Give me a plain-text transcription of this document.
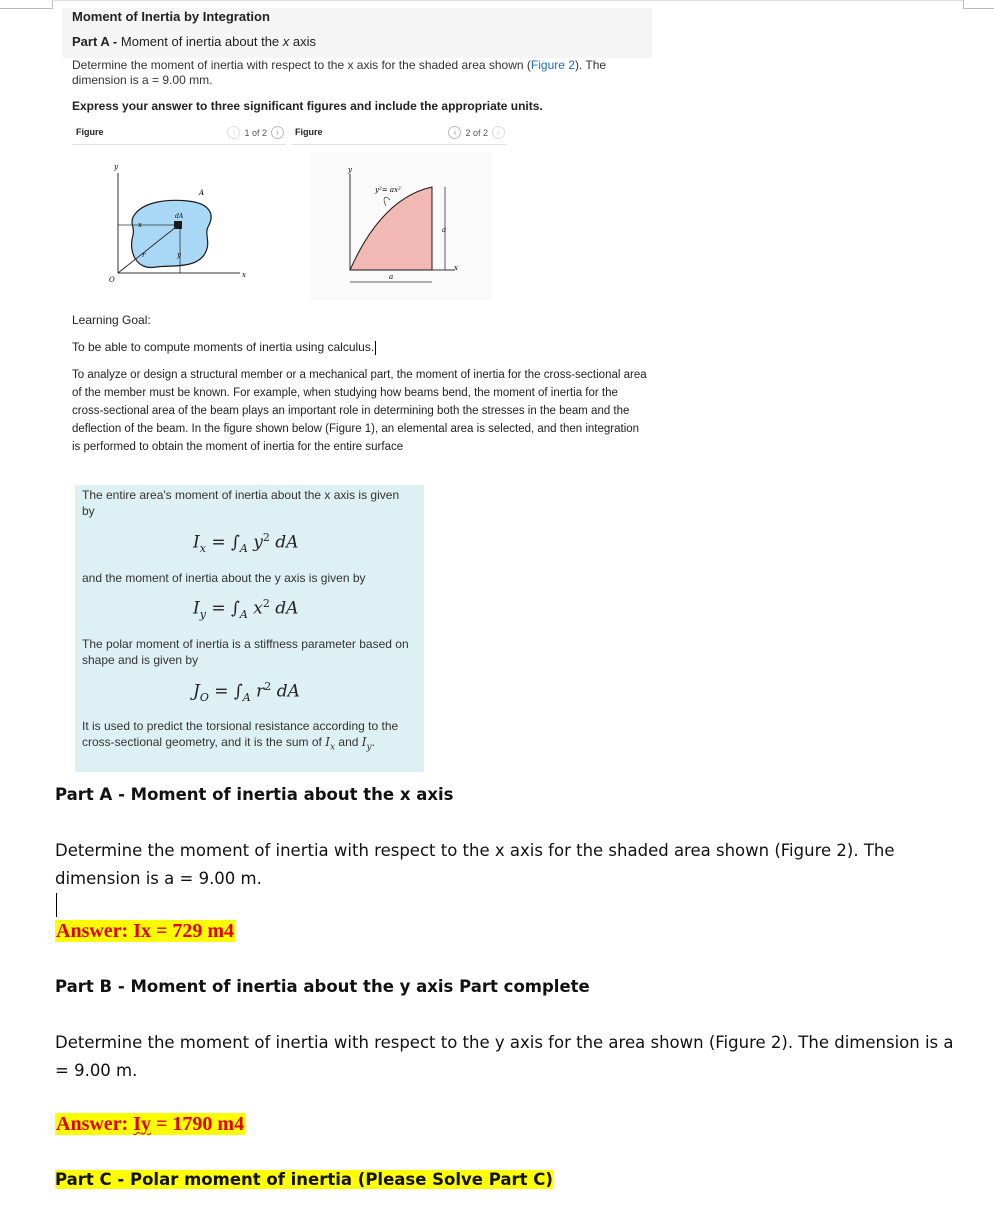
Moment of Inertia by Integration
Part A - Moment of inertia about the x axis
Determine the moment of inertia with respect to the x axis for the shaded area shown (Figure 2). The dimension is a = 9.00 mm.
Express your answer to three significant figures and include the appropriate units.
Figure	‹	1 of 2	›	Figure	‹	2 of 2	›
y
A
x
dA
r	y
O
x
y
y²= ax²
a
a
x
Learning Goal:
To be able to compute moments of inertia using calculus.
To analyze or design a structural member or a mechanical part, the moment of inertia for the cross-sectional area of the member must be known. For example, when studying how beams bend, the moment of inertia for the cross-sectional area of the beam plays an important role in determining both the stresses in the beam and the deflection of the beam. In the figure shown below (Figure 1), an elemental area is selected, and then integration is performed to obtain the moment of inertia for the entire surface
The entire area's moment of inertia about the x axis is given by
$I_x = \int_A$ $y^2$ dA
and the moment of inertia about the y axis is given by
$I_y = \int_A$ $x^2$ dA
The polar moment of inertia is a stiffness parameter based on shape and is given by
$J_O = \int_A$ $r^2$ dA
It is used to predict the torsional resistance according to the cross-sectional geometry, and it is the sum of $I_x$ and $I_y$.
Part A - Moment of inertia about the x axis
Determine the moment of inertia with respect to the x axis for the shaded area shown (Figure 2). The dimension is a = 9.00 m.
Answer: Ix = 729 m4
Part B - Moment of inertia about the y axis Part complete
Determine the moment of inertia with respect to the y axis for the area shown (Figure 2). The dimension is a = 9.00 m.
Answer: Iy = 1790 m4
Part C - Polar moment of inertia (Please Solve Part C)
